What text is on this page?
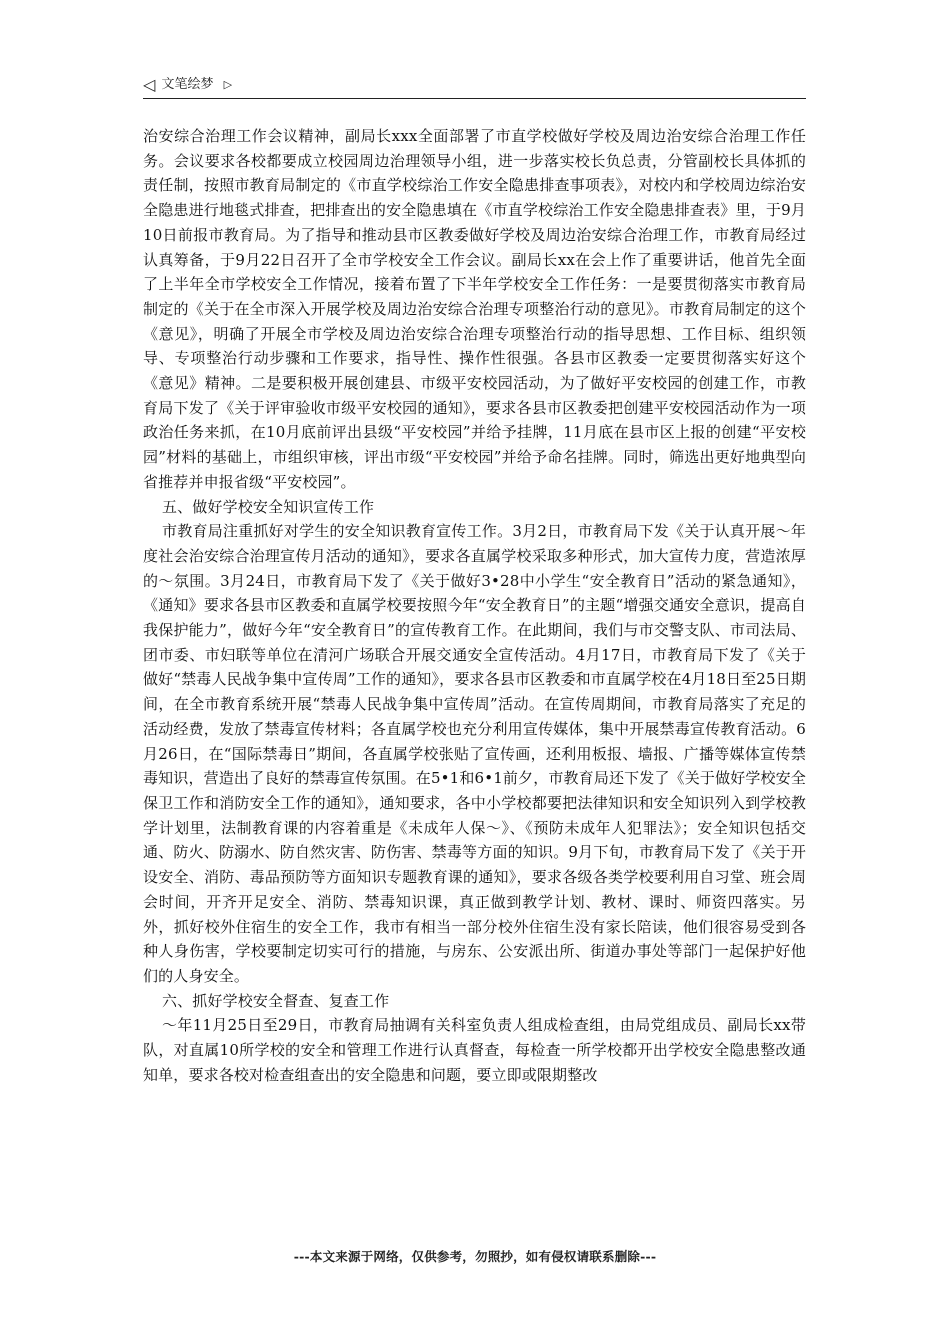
◁ 文笔绘梦 ▷

治安综合治理工作会议精神，副局长xxx全面部署了市直学校做好学校及周边治安综合治理工作任务。会议要求各校都要成立校园周边治理领导小组，进一步落实校长负总责，分管副校长具体抓的责任制，按照市教育局制定的《市直学校综治工作安全隐患排查事项表》，对校内和学校周边综治安全隐患进行地毯式排查，把排查出的安全隐患填在《市直学校综治工作安全隐患排查表》里，于9月10日前报市教育局。为了指导和推动县市区教委做好学校及周边治安综合治理工作，市教育局经过认真筹备，于9月22日召开了全市学校安全工作会议。副局长xx在会上作了重要讲话，他首先全面了上半年全市学校安全工作情况，接着布置了下半年学校安全工作任务：一是要贯彻落实市教育局制定的《关于在全市深入开展学校及周边治安综合治理专项整治行动的意见》。市教育局制定的这个《意见》，明确了开展全市学校及周边治安综合治理专项整治行动的指导思想、工作目标、组织领导、专项整治行动步骤和工作要求，指导性、操作性很强。各县市区教委一定要贯彻落实好这个《意见》精神。二是要积极开展创建县、市级平安校园活动，为了做好平安校园的创建工作，市教育局下发了《关于评审验收市级平安校园的通知》，要求各县市区教委把创建平安校园活动作为一项政治任务来抓，在10月底前评出县级“平安校园”并给予挂牌，11月底在县市区上报的创建“平安校园”材料的基础上，市组织审核，评出市级“平安校园”并给予命名挂牌。同时，筛选出更好地典型向省推荐并申报省级“平安校园”。

五、做好学校安全知识宣传工作

市教育局注重抓好对学生的安全知识教育宣传工作。3月2日，市教育局下发《关于认真开展～年度社会治安综合治理宣传月活动的通知》，要求各直属学校采取多种形式，加大宣传力度，营造浓厚的～氛围。3月24日，市教育局下发了《关于做好3•28中小学生“安全教育日”活动的紧急通知》，《通知》要求各县市区教委和直属学校要按照今年“安全教育日”的主题“增强交通安全意识，提高自我保护能力”，做好今年“安全教育日”的宣传教育工作。在此期间，我们与市交警支队、市司法局、团市委、市妇联等单位在清河广场联合开展交通安全宣传活动。4月17日，市教育局下发了《关于做好“禁毒人民战争集中宣传周”工作的通知》，要求各县市区教委和市直属学校在4月18日至25日期间，在全市教育系统开展“禁毒人民战争集中宣传周”活动。在宣传周期间，市教育局落实了充足的活动经费，发放了禁毒宣传材料；各直属学校也充分利用宣传媒体，集中开展禁毒宣传教育活动。6月26日，在“国际禁毒日”期间，各直属学校张贴了宣传画，还利用板报、墙报、广播等媒体宣传禁毒知识，营造出了良好的禁毒宣传氛围。在5•1和6•1前夕，市教育局还下发了《关于做好学校安全保卫工作和消防安全工作的通知》，通知要求，各中小学校都要把法律知识和安全知识列入到学校教学计划里，法制教育课的内容着重是《未成年人保～》、《预防未成年人犯罪法》；安全知识包括交通、防火、防溺水、防自然灾害、防伤害、禁毒等方面的知识。9月下旬，市教育局下发了《关于开设安全、消防、毒品预防等方面知识专题教育课的通知》，要求各级各类学校要利用自习堂、班会周会时间，开齐开足安全、消防、禁毒知识课，真正做到教学计划、教材、课时、师资四落实。另外，抓好校外住宿生的安全工作，我市有相当一部分校外住宿生没有家长陪读，他们很容易受到各种人身伤害，学校要制定切实可行的措施，与房东、公安派出所、街道办事处等部门一起保护好他们的人身安全。

六、抓好学校安全督查、复查工作

～年11月25日至29日，市教育局抽调有关科室负责人组成检查组，由局党组成员、副局长xx带队，对直属10所学校的安全和管理工作进行认真督查，每检查一所学校都开出学校安全隐患整改通知单，要求各校对检查组查出的安全隐患和问题，要立即或限期整改

---本文来源于网络，仅供参考，勿照抄，如有侵权请联系删除---
